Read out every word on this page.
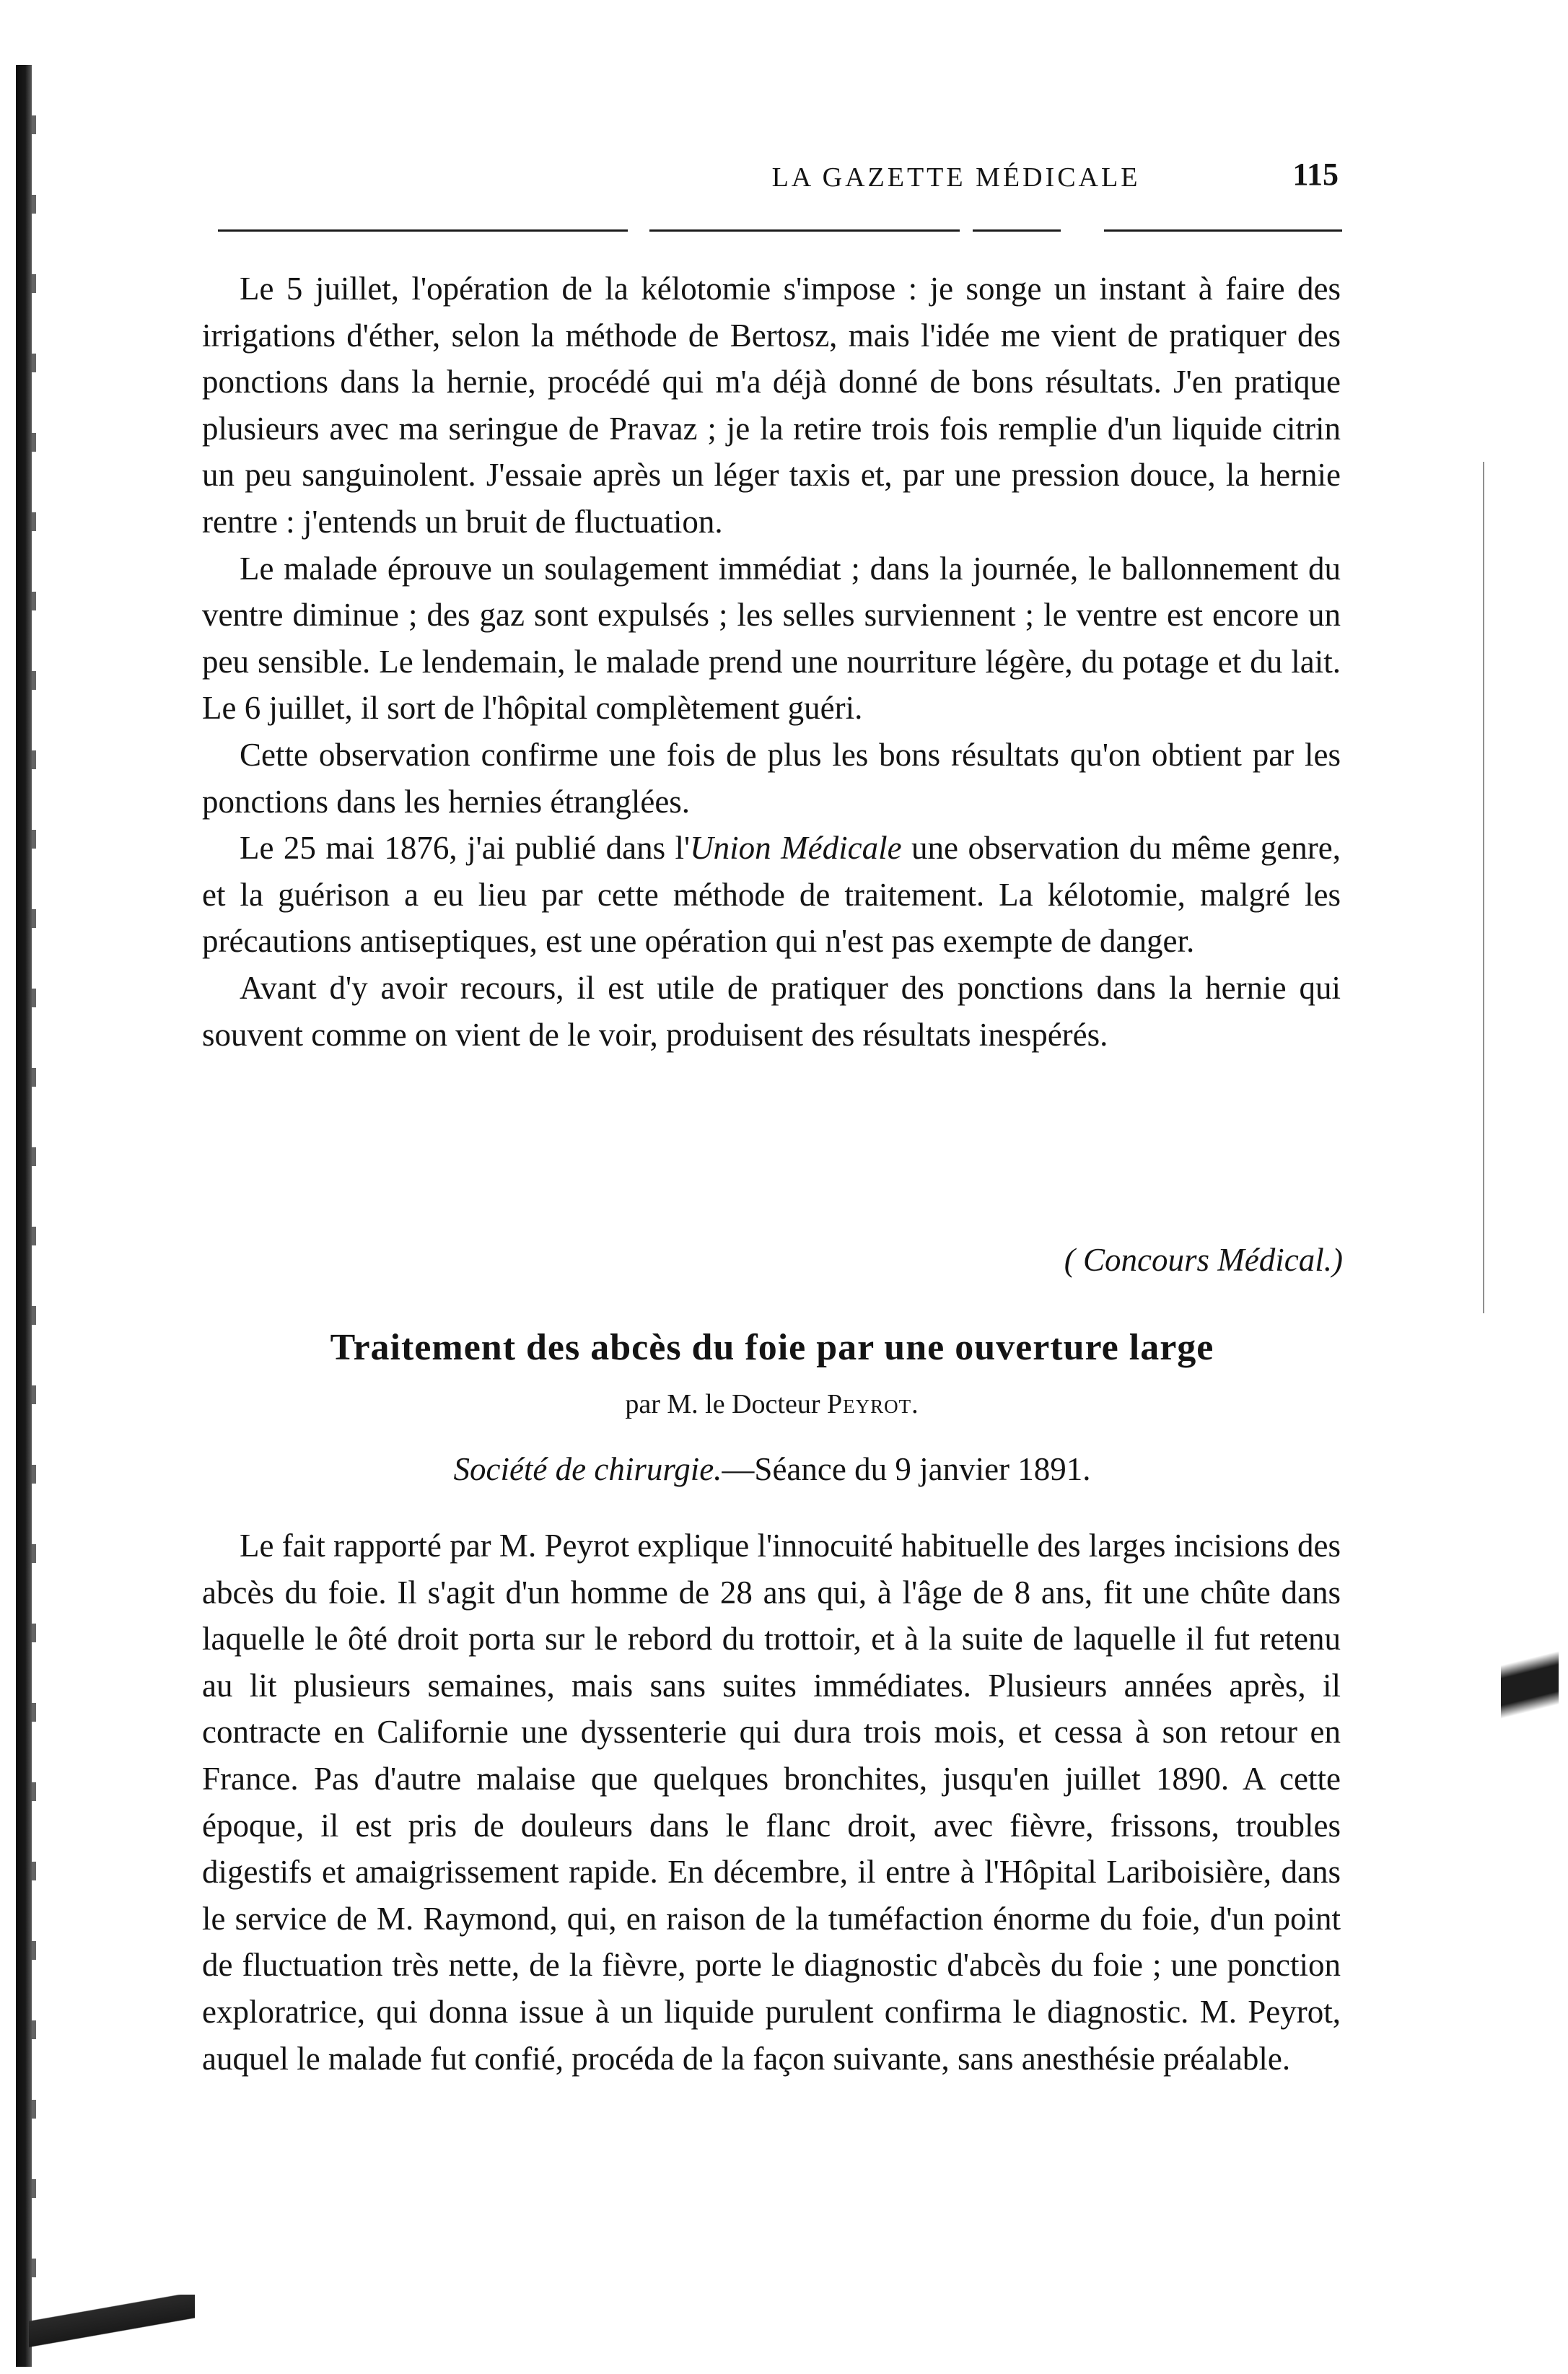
LA GAZETTE MÉDICALE	115

Le 5 juillet, l'opération de la kélotomie s'impose : je songe un instant à faire des irrigations d'éther, selon la méthode de Bertosz, mais l'idée me vient de pratiquer des ponctions dans la hernie, procédé qui m'a déjà donné de bons résultats. J'en pratique plusieurs avec ma seringue de Pravaz ; je la retire trois fois remplie d'un liquide citrin un peu sanguinolent. J'essaie après un léger taxis et, par une pression douce, la hernie rentre : j'entends un bruit de fluctuation.

Le malade éprouve un soulagement immédiat ; dans la journée, le ballonnement du ventre diminue ; des gaz sont expulsés ; les selles surviennent ; le ventre est encore un peu sensible. Le lendemain, le malade prend une nourriture légère, du potage et du lait. Le 6 juillet, il sort de l'hôpital complètement guéri.

Cette observation confirme une fois de plus les bons résultats qu'on obtient par les ponctions dans les hernies étranglées.

Le 25 mai 1876, j'ai publié dans l'Union Médicale une observation du même genre, et la guérison a eu lieu par cette méthode de traitement. La kélotomie, malgré les précautions antiseptiques, est une opération qui n'est pas exempte de danger.

Avant d'y avoir recours, il est utile de pratiquer des ponctions dans la hernie qui souvent comme on vient de le voir, produisent des résultats inespérés.

( Concours Médical.)
Traitement des abcès du foie par une ouverture large
par M. le Docteur Peyrot.
Société de chirurgie.—Séance du 9 janvier 1891.

Le fait rapporté par M. Peyrot explique l'innocuité habituelle des larges incisions des abcès du foie. Il s'agit d'un homme de 28 ans qui, à l'âge de 8 ans, fit une chûte dans laquelle le ôté droit porta sur le rebord du trottoir, et à la suite de laquelle il fut retenu au lit plusieurs semaines, mais sans suites immédiates. Plusieurs années après, il contracte en Californie une dyssenterie qui dura trois mois, et cessa à son retour en France. Pas d'autre malaise que quelques bronchites, jusqu'en juillet 1890. A cette époque, il est pris de douleurs dans le flanc droit, avec fièvre, frissons, troubles digestifs et amaigrissement rapide. En décembre, il entre à l'Hôpital Lariboisière, dans le service de M. Raymond, qui, en raison de la tuméfaction énorme du foie, d'un point de fluctuation très nette, de la fièvre, porte le diagnostic d'abcès du foie ; une ponction exploratrice, qui donna issue à un liquide purulent confirma le diagnostic. M. Peyrot, auquel le malade fut confié, procéda de la façon suivante, sans anesthésie préalable.
